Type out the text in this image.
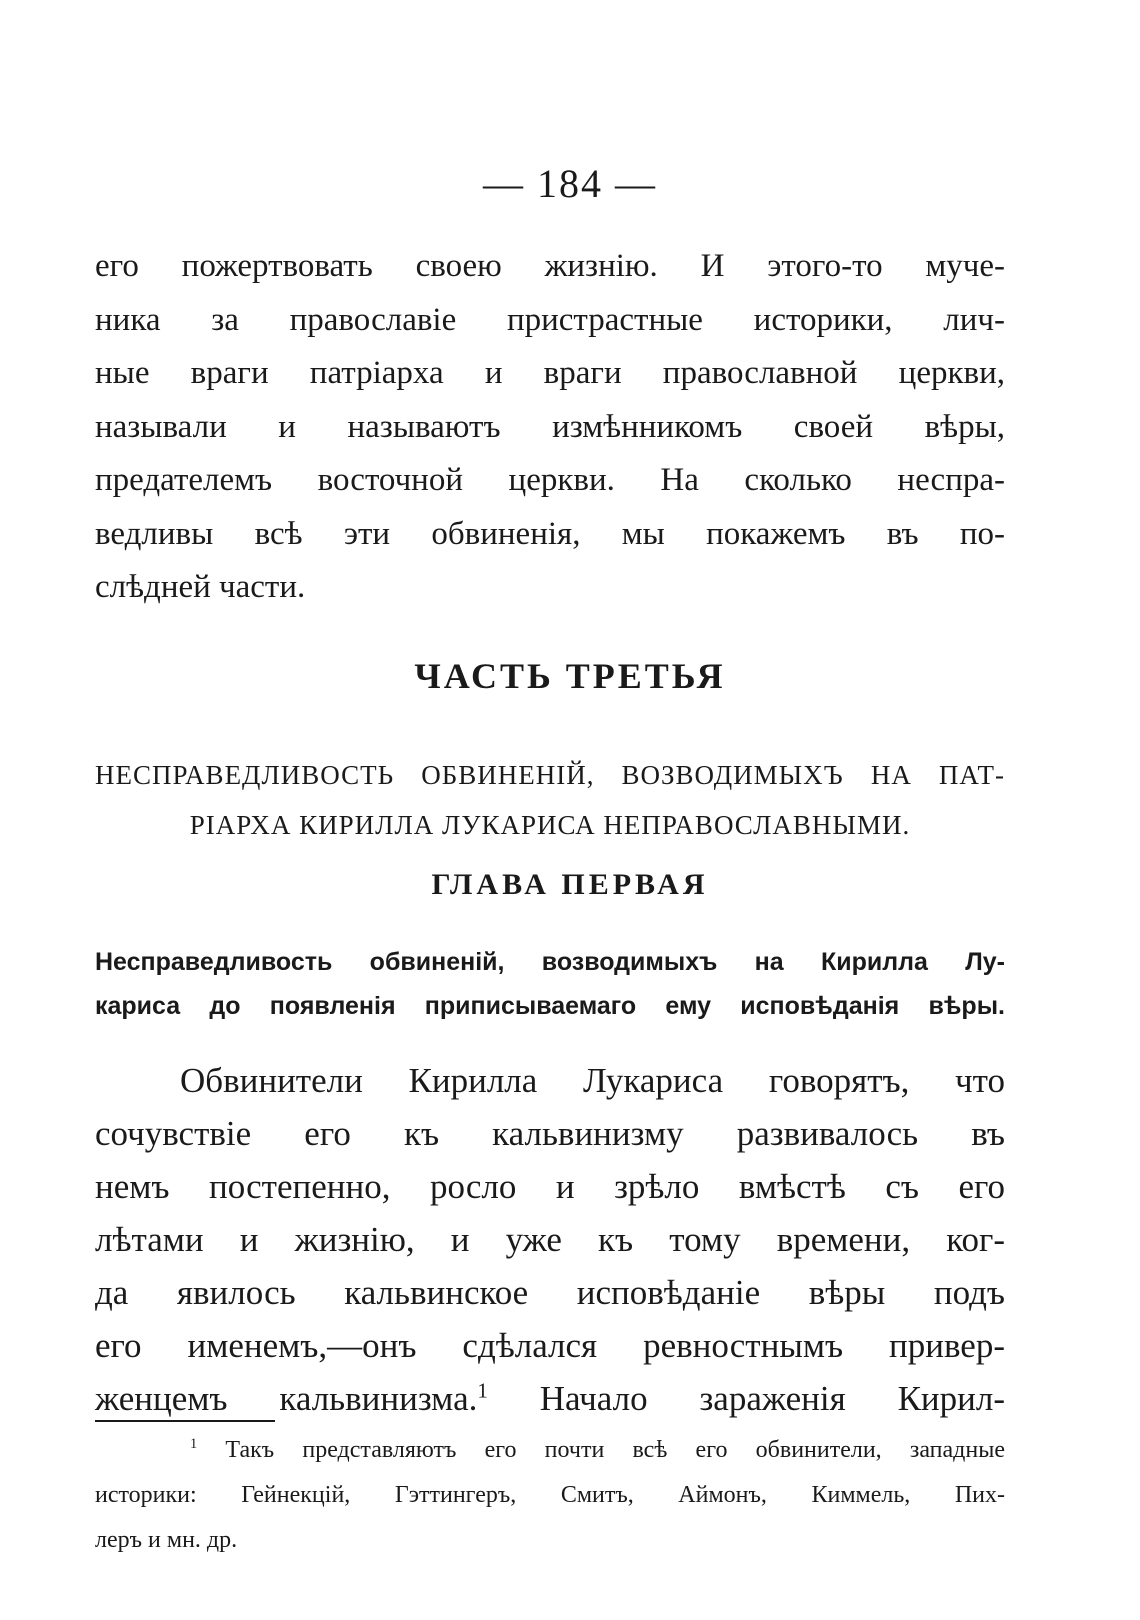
— 184 —
его пожертвовать своею жизнію. И этого-то муче-
ника за православіе пристрастные историки, лич-
ные враги патріарха и враги православной церкви,
называли и называютъ измѣнникомъ своей вѣры,
предателемъ восточной церкви. На сколько неспра-
ведливы всѣ эти обвиненія, мы покажемъ въ по-
слѣдней части.
ЧАСТЬ ТРЕТЬЯ
НЕСПРАВЕДЛИВОСТЬ ОБВИНЕНІЙ, ВОЗВОДИМЫХЪ НА ПАТ-
РІАРХА КИРИЛЛА ЛУКАРИСА НЕПРАВОСЛАВНЫМИ.
ГЛАВА ПЕРВАЯ
Несправедливость обвиненій, возводимыхъ на Кирилла Лу-
кариса до появленія приписываемаго ему исповѣданія вѣры.
Обвинители Кирилла Лукариса говорятъ, что
сочувствіе его къ кальвинизму развивалось въ
немъ постепенно, росло и зрѣло вмѣстѣ съ его
лѣтами и жизнію, и уже къ тому времени, ког-
да явилось кальвинское исповѣданіе вѣры подъ
его именемъ,—онъ сдѣлался ревностнымъ привер-
женцемъ кальвинизма.$^1$ Начало зараженія Кирил-
$^1$ Такъ представляютъ его почти всѣ его обвинители, западные
историки: Гейнекцій, Гэттингеръ, Смитъ, Аймонъ, Киммель, Пих-
леръ и мн. др.
